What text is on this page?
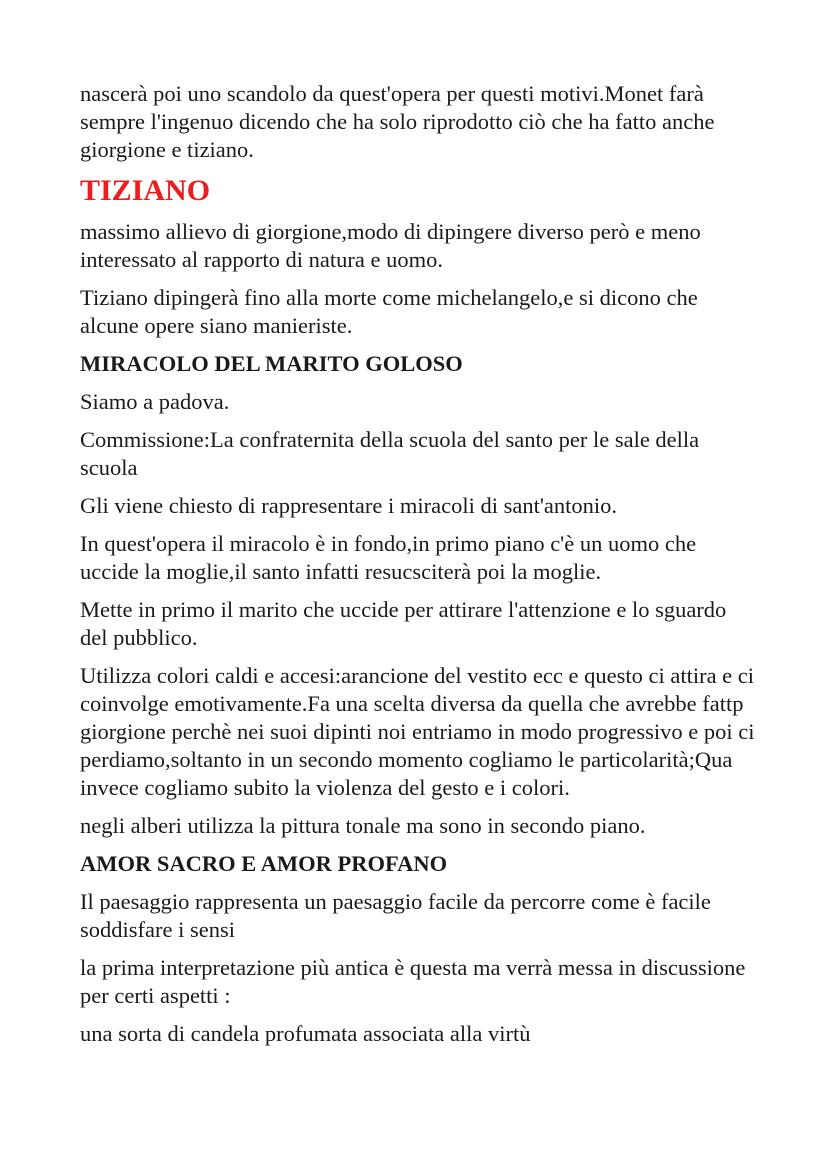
nascerà poi uno scandolo da quest'opera per questi motivi.Monet farà sempre l'ingenuo dicendo che ha solo riprodotto ciò che ha fatto anche giorgione e tiziano.

TIZIANO

massimo allievo di giorgione,modo di dipingere diverso però e meno interessato al rapporto di natura e uomo.

Tiziano dipingerà fino alla morte come michelangelo,e si dicono che alcune opere siano manieriste.

MIRACOLO DEL MARITO GOLOSO

Siamo a padova.

Commissione:La confraternita della scuola del santo per le sale della scuola

Gli viene chiesto di rappresentare i miracoli di sant'antonio.

In quest'opera il miracolo è in fondo,in primo piano c'è un uomo che uccide la moglie,il santo infatti resucsciterà poi la moglie.

Mette in primo il marito che uccide per attirare l'attenzione e lo sguardo del pubblico.

Utilizza colori caldi e accesi:arancione del vestito ecc e questo ci attira e ci coinvolge emotivamente.Fa una scelta diversa da quella che avrebbe fattp giorgione perchè nei suoi dipinti noi entriamo in modo progressivo e poi ci perdiamo,soltanto in un secondo momento cogliamo le particolarità;Qua invece cogliamo subito la violenza del gesto e i colori.

negli alberi utilizza la pittura tonale ma sono in secondo piano.

AMOR SACRO E AMOR PROFANO

Il paesaggio rappresenta un paesaggio facile da percorre come è facile soddisfare i sensi

la prima interpretazione più antica è questa ma verrà messa in discussione per certi aspetti :

una sorta di candela profumata associata alla virtù
